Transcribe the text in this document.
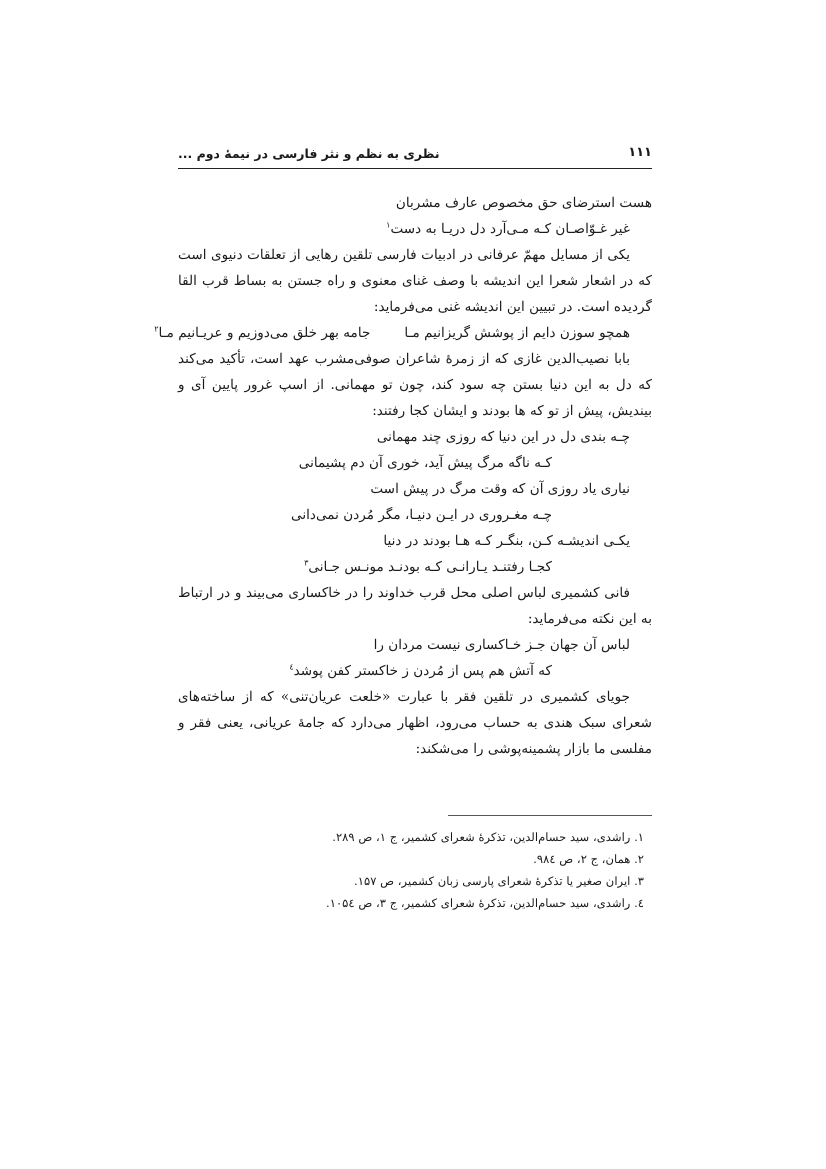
۱۱۱
نظری به نظم و نثر فارسی در نیمهٔ دوم ...
هست استرضای حق مخصوص عارف مشربان
غیر غـوّاصـان کـه مـی‌آرد دل دریـا به دست$^۱$

یکی از مسایل مهمّ عرفانی در ادبیات فارسی تلقین رهایی از تعلقات دنیوی است که در اشعار شعرا این اندیشه با وصف غنای معنوی و راه جستن به بساط قرب القا گردیده است. در تبیین این اندیشه غنی می‌فرماید:

همچو سوزن دایم از پوشش گریزانیم مـاجامه بهر خلق می‌دوزیم و عریـانیم مـا$^۲$

بابا نصیب‌الدین غازی که از زمرهٔ شاعران صوفی‌مشرب عهد است، تأکید می‌کند که دل به این دنیا بستن چه سود کند، چون تو مهمانی. از اسپ غرور پایین آی و بیندیش، پیش از تو که ها بودند و ایشان کجا رفتند:

چـه بندی دل در این دنیا که روزی چند مهمانی
کـه ناگه مرگ پیش آید، خوری آن دم پشیمانی
نیاری یاد روزی آن که وقت مرگ در پیش است
چـه مغـروری در ایـن دنیـا، مگر مُردن نمی‌دانی
یکـی اندیشـه کـن، بنگـر کـه هـا بودند در دنیا
کجـا رفتنـد یـارانـی کـه بودنـد مونـس جـانی$^۳$

فانی کشمیری لباس اصلی محل قرب خداوند را در خاکساری می‌بیند و در ارتباط به این نکته می‌فرماید:

لباس آن جهان جـز خـاکساری نیست مردان را
که آتش هم پس از مُردن ز خاکستر کفن پوشد$^٤$

جویای کشمیری در تلقین فقر با عبارت «خلعت عریان‌تنی» که از ساخته‌های شعرای سبک هندی به حساب می‌رود، اظهار می‌دارد که جامهٔ عریانی، یعنی فقر و مفلسی ما بازار پشمینه‌پوشی را می‌شکند:

۱. راشدی، سید حسام‌الدین، تذکرهٔ شعرای کشمیر، ج ۱، ص ۲۸۹.
۲. همان، ج ۲، ص ۹۸٤.
۳. ایران صغیر یا تذکرهٔ شعرای پارسی زبان کشمیر، ص ۱۵۷.
٤. راشدی، سید حسام‌الدین، تذکرهٔ شعرای کشمیر، ج ۳، ص ۱۰۵٤.
